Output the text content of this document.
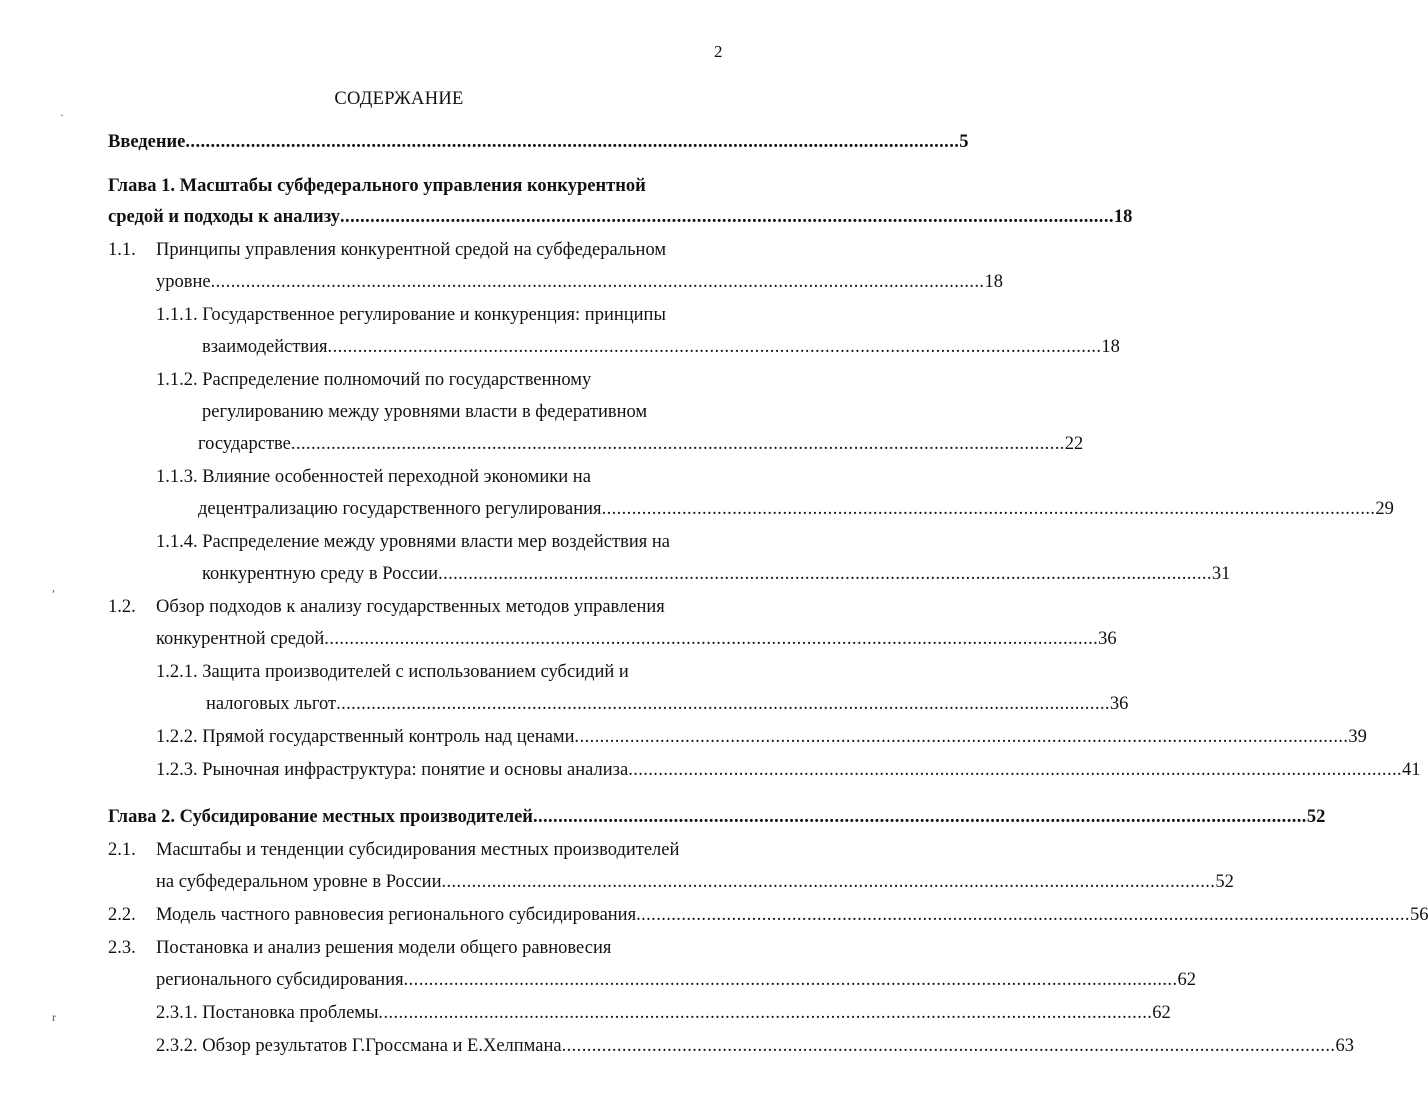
2
СОДЕРЖАНИЕ
`
,
r
Введение .......................................................................................................................................................... 5
Глава 1. Масштабы субфедерального управления конкурентной
средой и подходы к анализу .......................................................................................................................................................... 18
1.1. Принципы управления конкурентной средой на субфедеральном
уровне .......................................................................................................................................................... 18
1.1.1. Государственное регулирование и конкуренция: принципы
взаимодействия .......................................................................................................................................................... 18
1.1.2. Распределение полномочий по государственному
регулированию между уровнями власти в федеративном
государстве .......................................................................................................................................................... 22
1.1.3. Влияние особенностей переходной экономики на
децентрализацию государственного регулирования .......................................................................................................................................................... 29
1.1.4. Распределение между уровнями власти мер воздействия на
конкурентную среду в России .......................................................................................................................................................... 31
1.2. Обзор подходов к анализу государственных методов управления
конкурентной средой .......................................................................................................................................................... 36
1.2.1. Защита производителей с использованием субсидий и
налоговых льгот .......................................................................................................................................................... 36
1.2.2. Прямой государственный контроль над ценами .......................................................................................................................................................... 39
1.2.3. Рыночная инфраструктура: понятие и основы анализа .......................................................................................................................................................... 41
Глава 2. Субсидирование местных производителей .......................................................................................................................................................... 52
2.1. Масштабы и тенденции субсидирования местных производителей
на субфедеральном уровне в России .......................................................................................................................................................... 52
2.2. Модель частного равновесия регионального субсидирования .......................................................................................................................................................... 56
2.3. Постановка и анализ решения модели общего равновесия
регионального субсидирования .......................................................................................................................................................... 62
2.3.1. Постановка проблемы .......................................................................................................................................................... 62
2.3.2. Обзор результатов Г.Гроссмана и Е.Хелпмана .......................................................................................................................................................... 63
